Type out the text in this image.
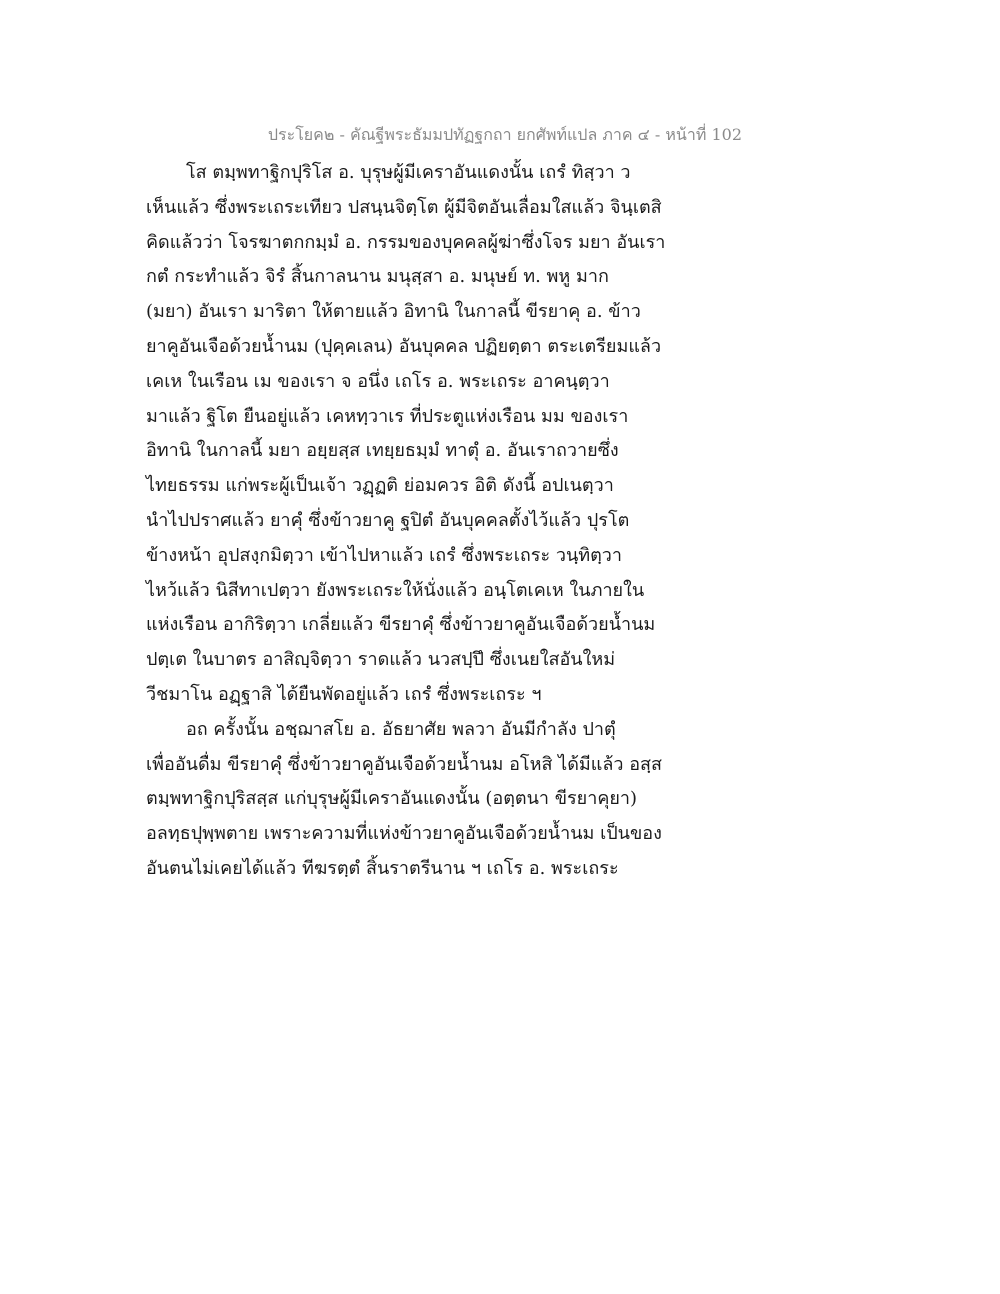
ประโยค๒ - คัณฐีพระธัมมปทัฏฐกถา ยกศัพท์แปล ภาค ๔ - หน้าที่ 102
โส ตมฺพทาฐิกปุริโส อ. บุรุษผู้มีเคราอันแดงนั้น เถรํ ทิสฺวา ว
เห็นแล้ว ซึ่งพระเถระเทียว ปสนฺนจิตฺโต ผู้มีจิตอันเลื่อมใสแล้ว จินฺเตสิ
คิดแล้วว่า โจรฆาตกกมฺมํ อ. กรรมของบุคคลผู้ฆ่าซึ่งโจร มยา อันเรา
กตํ กระทำแล้ว จิรํ สิ้นกาลนาน มนุสฺสา อ. มนุษย์ ท. พหู มาก
(มยา) อันเรา มาริตา ให้ตายแล้ว อิทานิ ในกาลนี้ ขีรยาคุ อ. ข้าว
ยาคูอันเจือด้วยน้ำนม (ปุคฺคเลน) อันบุคคล ปฏิยตฺตา ตระเตรียมแล้ว
เคเห ในเรือน เม ของเรา จ อนึ่ง เถโร อ. พระเถระ อาคนฺตฺวา
มาแล้ว ฐิโต ยืนอยู่แล้ว เคหทฺวาเร ที่ประตูแห่งเรือน มม ของเรา
อิทานิ ในกาลนี้ มยา อยฺยสฺส เทยฺยธมฺมํ ทาตุํ อ. อันเราถวายซึ่ง
ไทยธรรม แก่พระผู้เป็นเจ้า วฏฺฏติ ย่อมควร อิติ ดังนี้ อปเนตฺวา
นำไปปราศแล้ว ยาคุํ ซึ่งข้าวยาคู ฐปิตํ อันบุคคลตั้งไว้แล้ว ปุรโต
ข้างหน้า อุปสงฺกมิตฺวา เข้าไปหาแล้ว เถรํ ซึ่งพระเถระ วนฺทิตฺวา
ไหว้แล้ว นิสีทาเปตฺวา ยังพระเถระให้นั่งแล้ว อนฺโตเคเห ในภายใน
แห่งเรือน อากิริตฺวา เกลี่ยแล้ว ขีรยาคุํ ซึ่งข้าวยาคูอันเจือด้วยน้ำนม
ปตฺเต ในบาตร อาสิญฺจิตฺวา ราดแล้ว นวสปฺปึ ซึ่งเนยใสอันใหม่
วีชมาโน อฏฺฐาสิ ได้ยืนพัดอยู่แล้ว เถรํ ซึ่งพระเถระ ฯ
อถ ครั้งนั้น อชฺฌาสโย อ. อัธยาศัย พลวา อันมีกำลัง ปาตุํ
เพื่ออันดื่ม ขีรยาคุํ ซึ่งข้าวยาคูอันเจือด้วยน้ำนม อโหสิ ได้มีแล้ว อสฺส
ตมฺพทาฐิกปุริสสฺส แก่บุรุษผู้มีเคราอันแดงนั้น (อตฺตนา ขีรยาคุยา)
อลทฺธปุพฺพตาย เพราะความที่แห่งข้าวยาคูอันเจือด้วยน้ำนม เป็นของ
อันตนไม่เคยได้แล้ว ทีฆรตฺตํ สิ้นราตรีนาน ฯ เถโร อ. พระเถระ
